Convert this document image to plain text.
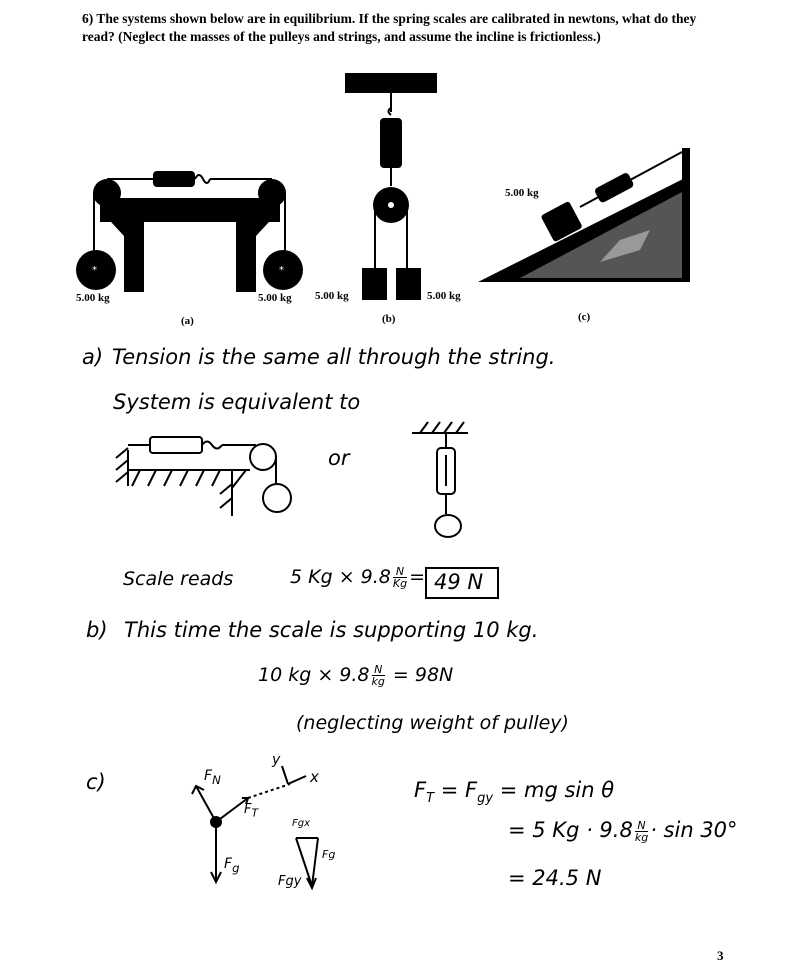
6) The systems shown below are in equilibrium. If the spring scales are calibrated in newtons, what do they read? (Neglect the masses of the pulleys and strings, and assume the incline is frictionless.)
*	*
5.00 kg	5.00 kg
(a)
5.00 kg	5.00 kg
(b)
5.00 kg
(c)
a) Tension is the same all through the string.
System is equivalent to
or
Scale reads	5 $Kg \times 9.8 \frac{N}{Kg} = 49$ N
b) This time the scale is supporting 10 kg.
10 kg × $9.8 \frac{N}{kg} = 98N$
(neglecting weight of pulley)
c)	$F_N$
$F_T$
$F_g$
Fgx
Fg
Fgy
x
y
$F_T = F_{gy}$ = mg sin θ
= 5 $Kg \cdot 9.8 \frac{N}{kg} \cdot \sin 30^\circ$
= 24.5 N
3
